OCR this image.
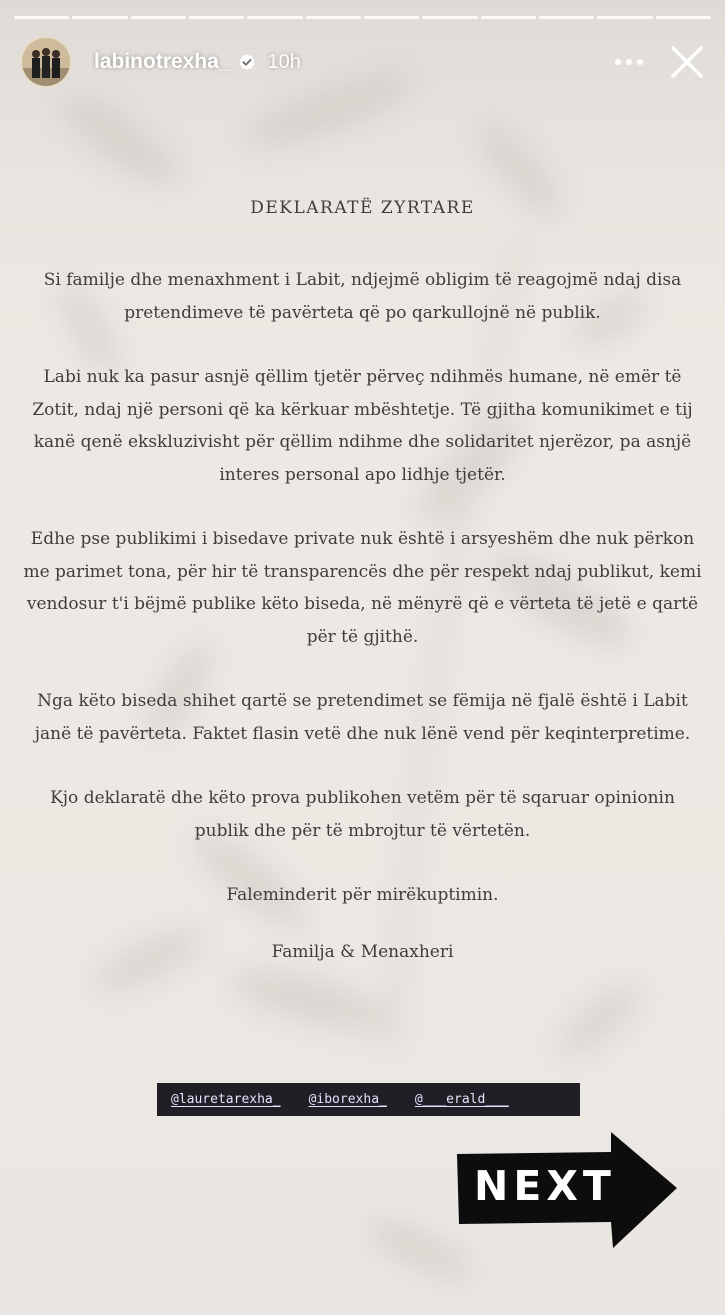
labinotrexha_ 10h
DEKLARATË ZYRTARE

Si familje dhe menaxhment i Labit, ndjejmë obligim të reagojmë ndaj disa pretendimeve të pavërteta që po qarkullojnë në publik.

Labi nuk ka pasur asnjë qëllim tjetër përveç ndihmës humane, në emër të Zotit, ndaj një personi që ka kërkuar mbështetje. Të gjitha komunikimet e tij kanë qenë ekskluzivisht për qëllim ndihme dhe solidaritet njerëzor, pa asnjë interes personal apo lidhje tjetër.

Edhe pse publikimi i bisedave private nuk është i arsyeshëm dhe nuk përkon me parimet tona, për hir të transparencës dhe për respekt ndaj publikut, kemi vendosur t'i bëjmë publike këto biseda, në mënyrë që e vërteta të jetë e qartë për të gjithë.

Nga këto biseda shihet qartë se pretendimet se fëmija në fjalë është i Labit janë të pavërteta. Faktet flasin vetë dhe nuk lënë vend për keqinterpretime.

Kjo deklaratë dhe këto prova publikohen vetëm për të sqaruar opinionin publik dhe për të mbrojtur të vërtetën.

Faleminderit për mirëkuptimin.

Familja & Menaxheri
@lauretarexha_ @iborexha_ @___erald___
NEXT
